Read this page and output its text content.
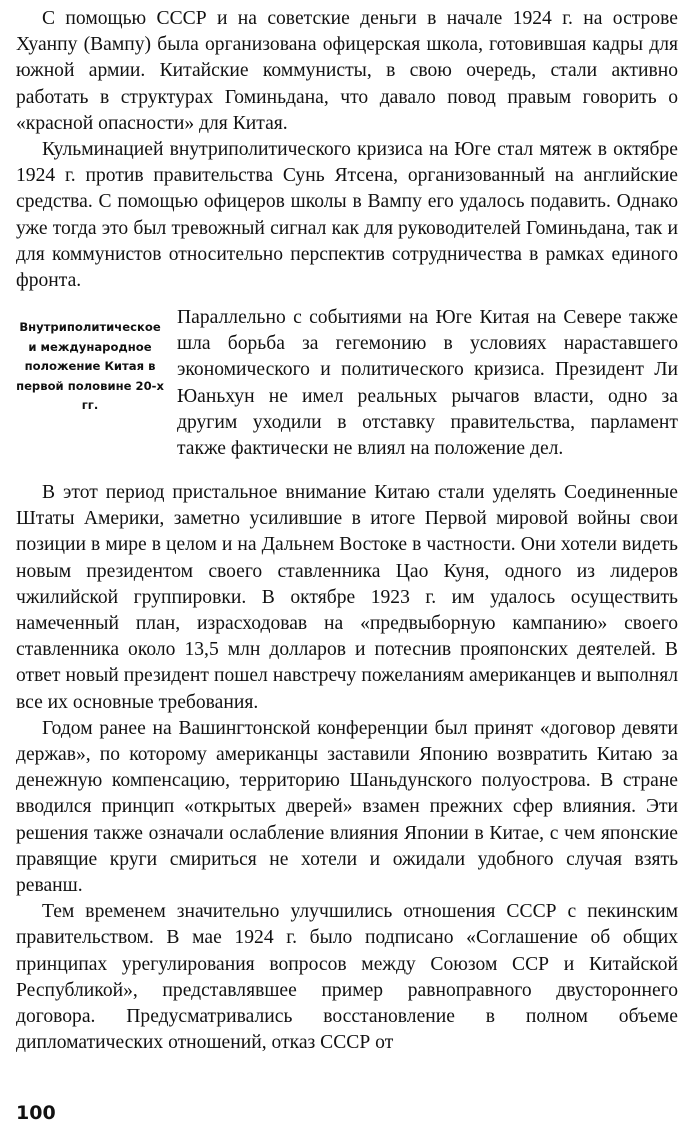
С помощью СССР и на советские деньги в начале 1924 г. на острове Хуанпу (Вампу) была организована офицерская школа, готовившая кадры для южной армии. Китайские коммунисты, в свою очередь, стали активно работать в структурах Гоминьдана, что давало повод правым говорить о «красной опасности» для Китая.

Кульминацией внутриполитического кризиса на Юге стал мятеж в октябре 1924 г. против правительства Сунь Ятсена, организованный на английские средства. С помощью офицеров школы в Вампу его удалось подавить. Однако уже тогда это был тревожный сигнал как для руководителей Гоминьдана, так и для коммунистов относительно перспектив сотрудничества в рамках единого фронта.

Внутриполитическое и международное положение Китая в первой половине 20-х гг.

Параллельно с событиями на Юге Китая на Севере также шла борьба за гегемонию в условиях нараставшего экономического и политического кризиса. Президент Ли Юаньхун не имел реальных рычагов власти, одно за другим уходили в отставку правительства, парламент также фактически не влиял на положение дел.

В этот период пристальное внимание Китаю стали уделять Соединенные Штаты Америки, заметно усилившие в итоге Первой мировой войны свои позиции в мире в целом и на Дальнем Востоке в частности. Они хотели видеть новым президентом своего ставленника Цао Куня, одного из лидеров чжилийской группировки. В октябре 1923 г. им удалось осуществить намеченный план, израсходовав на «предвыборную кампанию» своего ставленника около 13,5 млн долларов и потеснив прояпонских деятелей. В ответ новый президент пошел навстречу пожеланиям американцев и выполнял все их основные требования.

Годом ранее на Вашингтонской конференции был принят «договор девяти держав», по которому американцы заставили Японию возвратить Китаю за денежную компенсацию, территорию Шаньдунского полуострова. В стране вводился принцип «открытых дверей» взамен прежних сфер влияния. Эти решения также означали ослабление влияния Японии в Китае, с чем японские правящие круги смириться не хотели и ожидали удобного случая взять реванш.

Тем временем значительно улучшились отношения СССР с пекинским правительством. В мае 1924 г. было подписано «Соглашение об общих принципах урегулирования вопросов между Союзом ССР и Китайской Республикой», представлявшее пример равноправного двустороннего договора. Предусматривались восстановление в полном объеме дипломатических отношений, отказ СССР от

100
